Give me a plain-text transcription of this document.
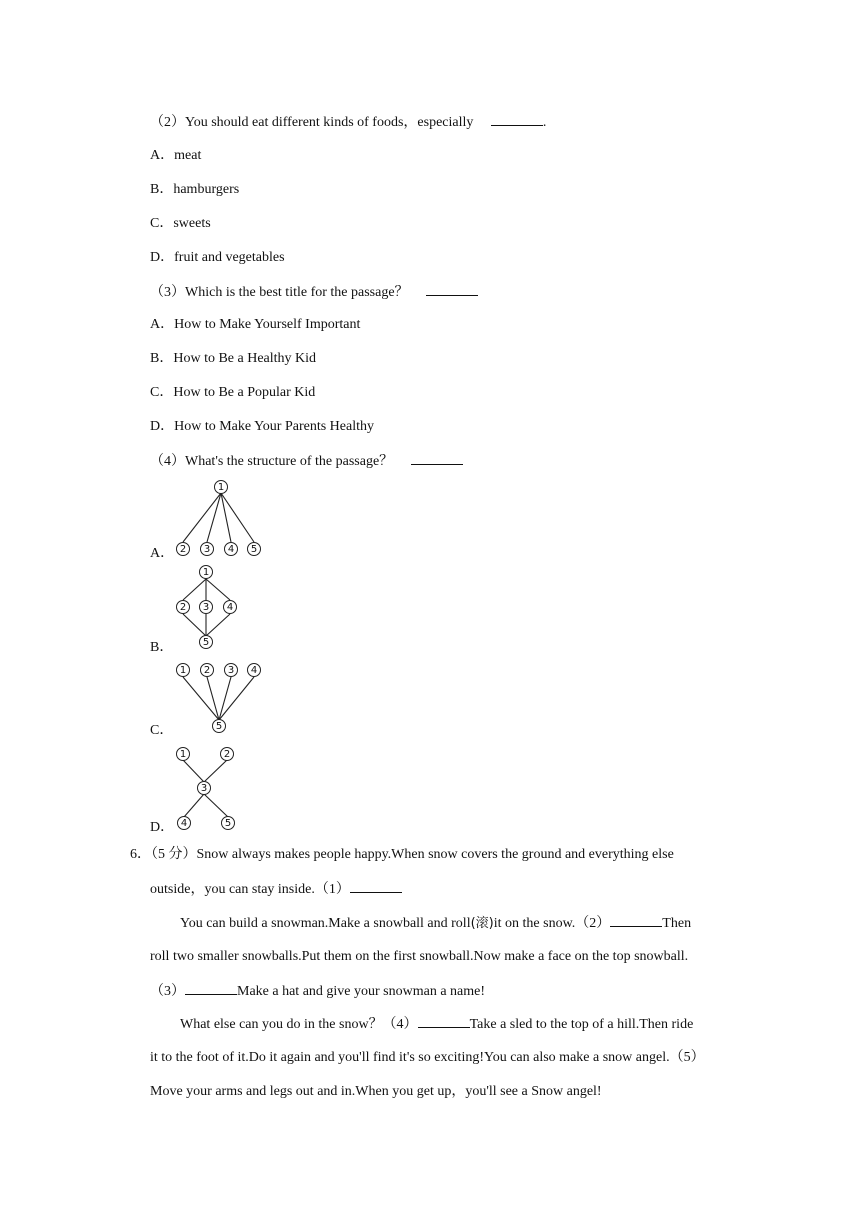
（2）You should eat different kinds of foods，especially	.
A．meat
B．hamburgers
C．sweets
D．fruit and vegetables
（3）Which is the best title for the passage？
A．How to Make Yourself Important
B．How to Be a Healthy Kid
C．How to Be a Popular Kid
D．How to Make Your Parents Healthy
（4）What's the structure of the passage？
A．
1
2 3 4 5
B．
1
2 3 4
5
C．
1 2 3 4
5
D．
1	2
3
4	5
6．（5 分）Snow always makes people happy.When snow covers the ground and everything else
outside，you can stay inside.（1）
You can build a snowman.Make a snowball and roll(滚)it on the snow.（2）	Then
roll two smaller snowballs.Put them on the first snowball.Now make a face on the top snowball.
（3）	Make a hat and give your snowman a name!
What else can you do in the snow？（4）	Take a sled to the top of a hill.Then ride
it to the foot of it.Do it again and you'll find it's so exciting!You can also make a snow angel.（5）
Move your arms and legs out and in.When you get up，you'll see a Snow angel!
